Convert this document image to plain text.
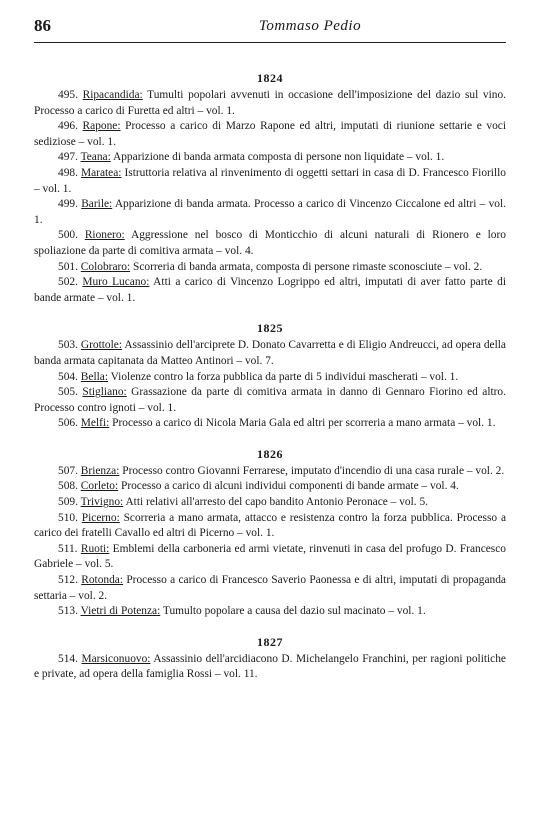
86	Tommaso Pedio
1824
495. Ripacandida: Tumulti popolari avvenuti in occasione dell'imposizione del dazio sul vino. Processo a carico di Furetta ed altri – vol. 1.
496. Rapone: Processo a carico di Marzo Rapone ed altri, imputati di riunione settarie e voci sediziose – vol. 1.
497. Teana: Apparizione di banda armata composta di persone non liquidate – vol. 1.
498. Maratea: Istruttoria relativa al rinvenimento di oggetti settari in casa di D. Francesco Fiorillo – vol. 1.
499. Barile: Apparizione di banda armata. Processo a carico di Vincenzo Ciccalone ed altri – vol. 1.
500. Rionero: Aggressione nel bosco di Monticchio di alcuni naturali di Rionero e loro spoliazione da parte di comitiva armata – vol. 4.
501. Colobraro: Scorreria di banda armata, composta di persone rimaste sconosciute – vol. 2.
502. Muro Lucano: Atti a carico di Vincenzo Logrippo ed altri, imputati di aver fatto parte di bande armate – vol. 1.
1825
503. Grottole: Assassinio dell'arciprete D. Donato Cavarretta e di Eligio Andreucci, ad opera della banda armata capitanata da Matteo Antinori – vol. 7.
504. Bella: Violenze contro la forza pubblica da parte di 5 individui mascherati – vol. 1.
505. Stigliano: Grassazione da parte di comitiva armata in danno di Gennaro Fiorino ed altro. Processo contro ignoti – vol. 1.
506. Melfi: Processo a carico di Nicola Maria Gala ed altri per scorreria a mano armata – vol. 1.
1826
507. Brienza: Processo contro Giovanni Ferrarese, imputato d'incendio di una casa rurale – vol. 2.
508. Corleto: Processo a carico di alcuni individui componenti di bande armate – vol. 4.
509. Trivigno: Atti relativi all'arresto del capo bandito Antonio Peronace – vol. 5.
510. Picerno: Scorreria a mano armata, attacco e resistenza contro la forza pubblica. Processo a carico dei fratelli Cavallo ed altri di Picerno – vol. 1.
511. Ruoti: Emblemi della carboneria ed armi vietate, rinvenuti in casa del profugo D. Francesco Gabriele – vol. 5.
512. Rotonda: Processo a carico di Francesco Saverio Paonessa e di altri, imputati di propaganda settaria – vol. 2.
513. Vietri di Potenza: Tumulto popolare a causa del dazio sul macinato – vol. 1.
1827
514. Marsiconuovo: Assassinio dell'arcidiacono D. Michelangelo Franchini, per ragioni politiche e private, ad opera della famiglia Rossi – vol. 11.
